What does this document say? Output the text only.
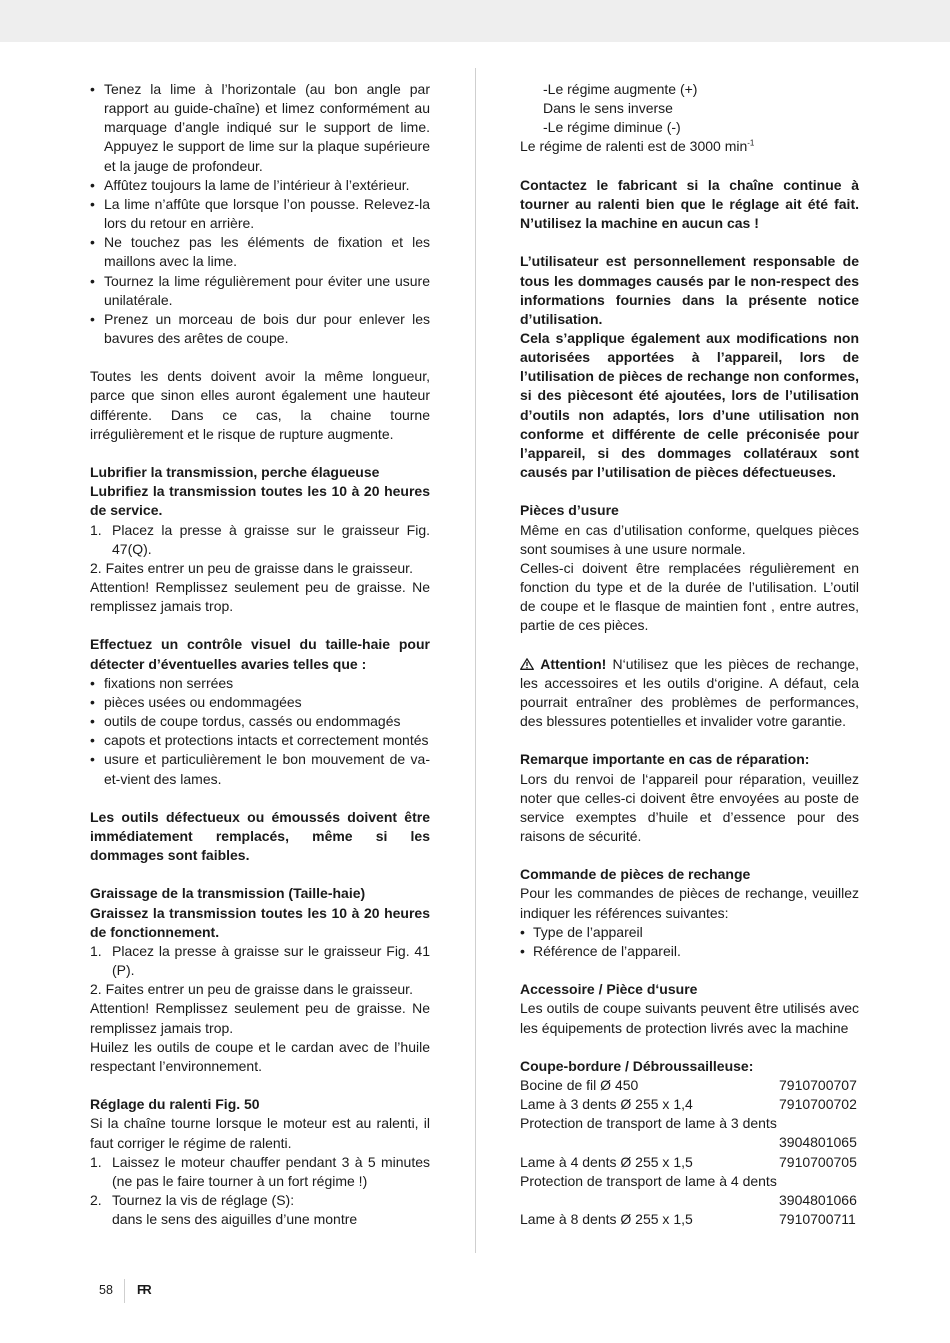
• Tenez la lime à l’horizontale (au bon angle par rapport au guide-chaîne) et limez conformément au marquage d’angle indiqué sur le support de lime. Appuyez le support de lime sur la plaque supérieure et la jauge de profondeur.
• Affûtez toujours la lame de l’intérieur à l’extérieur.
• La lime n’affûte que lorsque l’on pousse. Relevez-la lors du retour en arrière.
• Ne touchez pas les éléments de fixation et les maillons avec la lime.
• Tournez la lime régulièrement pour éviter une usure unilatérale.
• Prenez un morceau de bois dur pour enlever les bavures des arêtes de coupe.

Toutes les dents doivent avoir la même longueur, parce que sinon elles auront également une hauteur différente. Dans ce cas, la chaine tourne irrégulièrement et le risque de rupture augmente.

Lubrifier la transmission, perche élagueuse

Lubrifiez la transmission toutes les 10 à 20 heures de service.

1. Placez la presse à graisse sur le graisseur Fig. 47(Q).

2. Faites entrer un peu de graisse dans le graisseur.

Attention! Remplissez seulement peu de graisse. Ne remplissez jamais trop.

Effectuez un contrôle visuel du taille-haie pour détecter d’éventuelles avaries telles que :

• fixations non serrées
• pièces usées ou endommagées
• outils de coupe tordus, cassés ou endommagés
• capots et protections intacts et correctement montés
• usure et particulièrement le bon mouvement de va-et-vient des lames.

Les outils défectueux ou émoussés doivent être immédiatement remplacés, même si les dommages sont faibles.

Graissage de la transmission (Taille-haie)

Graissez la transmission toutes les 10 à 20 heures de fonctionnement.

1. Placez la presse à graisse sur le graisseur Fig. 41 (P).

2. Faites entrer un peu de graisse dans le graisseur.

Attention! Remplissez seulement peu de graisse. Ne remplissez jamais trop.

Huilez les outils de coupe et le cardan avec de l’huile respectant l’environnement.

Réglage du ralenti Fig. 50

Si la chaîne tourne lorsque le moteur est au ralenti, il faut corriger le régime de ralenti.

1. Laissez le moteur chauffer pendant 3 à 5 minutes (ne pas le faire tourner à un fort régime !)
2. Tournez la vis de réglage (S):
dans le sens des aiguilles d’une montre

-Le régime augmente (+)

Dans le sens inverse

-Le régime diminue (-)

Le régime de ralenti est de 3000 $\min^{-1}$

Contactez le fabricant si la chaîne continue à tourner au ralenti bien que le réglage ait été fait. N’utilisez la machine en aucun cas !

L’utilisateur est personnellement responsable de tous les dommages causés par le non-respect des informations fournies dans la présente notice d’utilisation.

Cela s’applique également aux modifications non autorisées apportées à l’appareil, lors de l’utilisation de pièces de rechange non conformes, si des piècesont été ajoutées, lors de l’utilisation d’outils non adaptés, lors d’une utilisation non conforme et différente de celle préconisée pour l’appareil, si des dommages collatéraux sont causés par l’utilisation de pièces défectueuses.

Pièces d’usure

Même en cas d’utilisation conforme, quelques pièces sont soumises à une usure normale.

Celles-ci doivent être remplacées régulièrement en fonction du type et de la durée de l’utilisation. L’outil de coupe et le flasque de maintien font , entre autres, partie de ces pièces.

Attention! N‘utilisez que les pièces de rechange, les accessoires et les outils d‘origine. A défaut, cela pourrait entraîner des problèmes de performances, des blessures potentielles et invalider votre garantie.

Remarque importante en cas de réparation:

Lors du renvoi de l‘appareil pour réparation, veuillez noter que celles-ci doivent être envoyées au poste de service exemptes d’huile et d’essence pour des raisons de sécurité.

Commande de pièces de rechange

Pour les commandes de pièces de rechange, veuillez indiquer les références suivantes:

• Type de l’appareil
• Référence de l’appareil.

Accessoire / Pièce d‘usure

Les outils de coupe suivants peuvent être utilisés avec les équipements de protection livrés avec la machine

Coupe-bordure / Débroussailleuse:

Bocine de fil Ø 450	7910700707
Lame à 3 dents Ø 255 x 1,4	7910700702

Protection de transport de lame à 3 dents

3904801065
Lame à 4 dents Ø 255 x 1,5	7910700705

Protection de transport de lame à 4 dents

3904801066
Lame à 8 dents Ø 255 x 1,5	7910700711
58 FR
